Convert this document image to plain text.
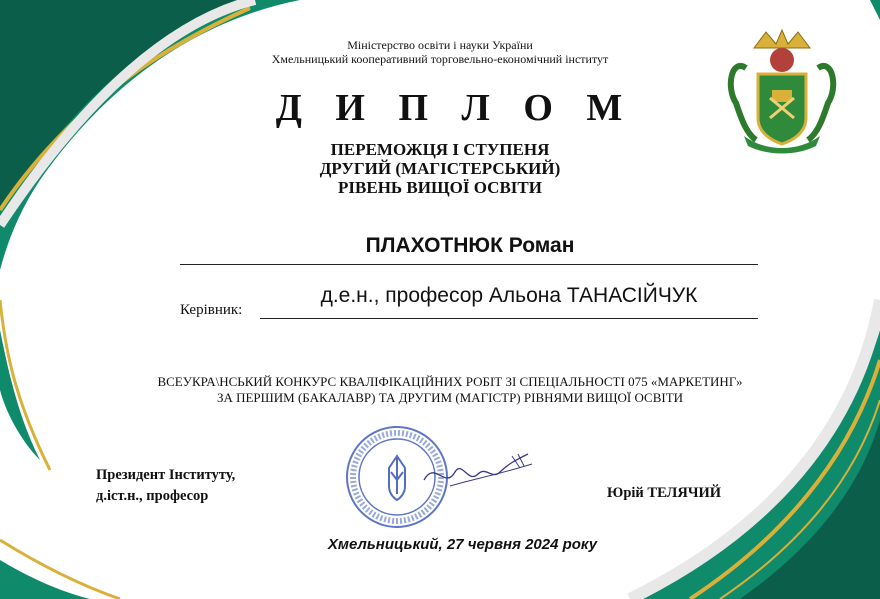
Міністерство освіти і науки України
Хмельницький кооперативний торговельно-економічний інститут
Д И П Л О М
ПЕРЕМОЖЦЯ І СТУПЕНЯ
ДРУГИЙ (МАГІСТЕРСЬКИЙ)
РІВЕНЬ ВИЩОЇ ОСВІТИ
ПЛАХОТНЮК Роман
Керівник:
д.е.н., професор Альона ТАНАСІЙЧУК
ВСЕУКРА\НСЬКИЙ КОНКУРС КВАЛІФІКАЦІЙНИХ РОБІТ ЗІ СПЕЦІАЛЬНОСТІ 075 «МАРКЕТИНГ»
ЗА ПЕРШИМ (БАКАЛАВР) ТА ДРУГИМ (МАГІСТР) РІВНЯМИ ВИЩОЇ ОСВІТИ
Президент Інституту,
д.іст.н., професор	Юрій ТЕЛЯЧИЙ
Хмельницький, 27 червня 2024 року
